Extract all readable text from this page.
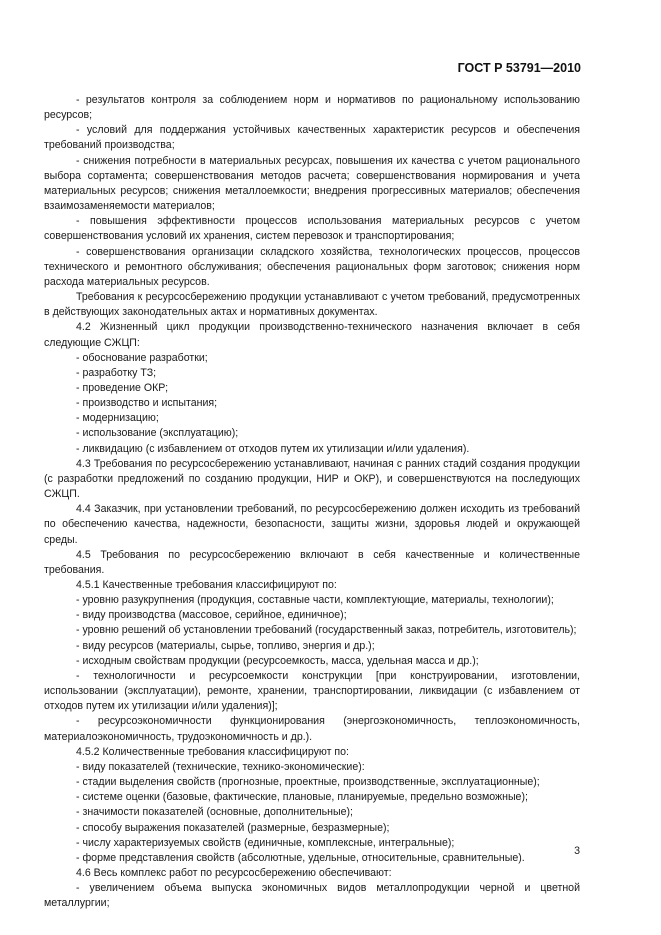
ГОСТ Р 53791—2010

- результатов контроля за соблюдением норм и нормативов по рациональному использованию ресурсов;

- условий для поддержания устойчивых качественных характеристик ресурсов и обеспечения требований производства;

- снижения потребности в материальных ресурсах, повышения их качества с учетом рационального выбора сортамента; совершенствования методов расчета; совершенствования нормирования и учета материальных ресурсов; снижения металлоемкости; внедрения прогрессивных материалов; обеспечения взаимозаменяемости материалов;

- повышения эффективности процессов использования материальных ресурсов с учетом совершенствования условий их хранения, систем перевозок и транспортирования;

- совершенствования организации складского хозяйства, технологических процессов, процессов технического и ремонтного обслуживания; обеспечения рациональных форм заготовок; снижения норм расхода материальных ресурсов.

Требования к ресурсосбережению продукции устанавливают с учетом требований, предусмотренных в действующих законодательных актах и нормативных документах.

4.2 Жизненный цикл продукции производственно-технического назначения включает в себя следующие СЖЦП:

- обоснование разработки;

- разработку ТЗ;

- проведение ОКР;

- производство и испытания;

- модернизацию;

- использование (эксплуатацию);

- ликвидацию (с избавлением от отходов путем их утилизации и/или удаления).

4.3 Требования по ресурсосбережению устанавливают, начиная с ранних стадий создания продукции (с разработки предложений по созданию продукции, НИР и ОКР), и совершенствуются на последующих СЖЦП.

4.4 Заказчик, при установлении требований, по ресурсосбережению должен исходить из требований по обеспечению качества, надежности, безопасности, защиты жизни, здоровья людей и окружающей среды.

4.5 Требования по ресурсосбережению включают в себя качественные и количественные требования.

4.5.1 Качественные требования классифицируют по:

- уровню разукрупнения (продукция, составные части, комплектующие, материалы, технологии);

- виду производства (массовое, серийное, единичное);

- уровню решений об установлении требований (государственный заказ, потребитель, изготовитель);

- виду ресурсов (материалы, сырье, топливо, энергия и др.);

- исходным свойствам продукции (ресурсоемкость, масса, удельная масса и др.);

- технологичности и ресурсоемкости конструкции [при конструировании, изготовлении, использовании (эксплуатации), ремонте, хранении, транспортировании, ликвидации (с избавлением от отходов путем их утилизации и/или удаления)];

- ресурсоэкономичности функционирования (энергоэкономичность, теплоэкономичность, материалоэкономичность, трудоэкономичность и др.).

4.5.2 Количественные требования классифицируют по:

- виду показателей (технические, технико-экономические):

- стадии выделения свойств (прогнозные, проектные, производственные, эксплуатационные);

- системе оценки (базовые, фактические, плановые, планируемые, предельно возможные);

- значимости показателей (основные, дополнительные);

- способу выражения показателей (размерные, безразмерные);

- числу характеризуемых свойств (единичные, комплексные, интегральные);

- форме представления свойств (абсолютные, удельные, относительные, сравнительные).

4.6 Весь комплекс работ по ресурсосбережению обеспечивают:

- увеличением объема выпуска экономичных видов металлопродукции черной и цветной металлургии;

3
